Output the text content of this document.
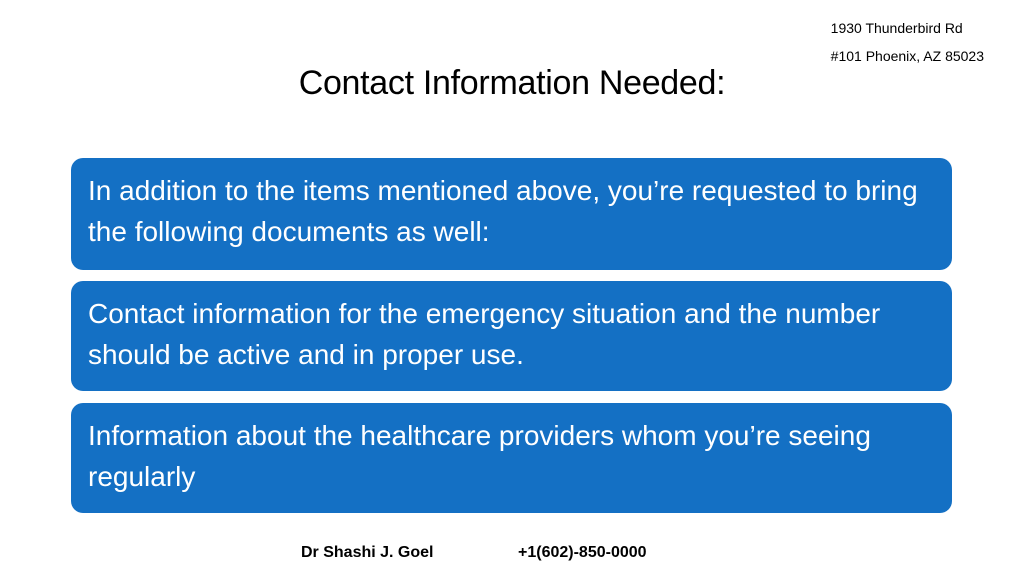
1930 Thunderbird Rd
#101 Phoenix, AZ 85023
Contact Information Needed:
In addition to the items mentioned above, you’re requested to bring the following documents as well:
Contact information for the emergency situation and the number should be active and in proper use.
Information about the healthcare providers whom you’re seeing regularly
Dr Shashi J. Goel	+1(602)-850-0000
